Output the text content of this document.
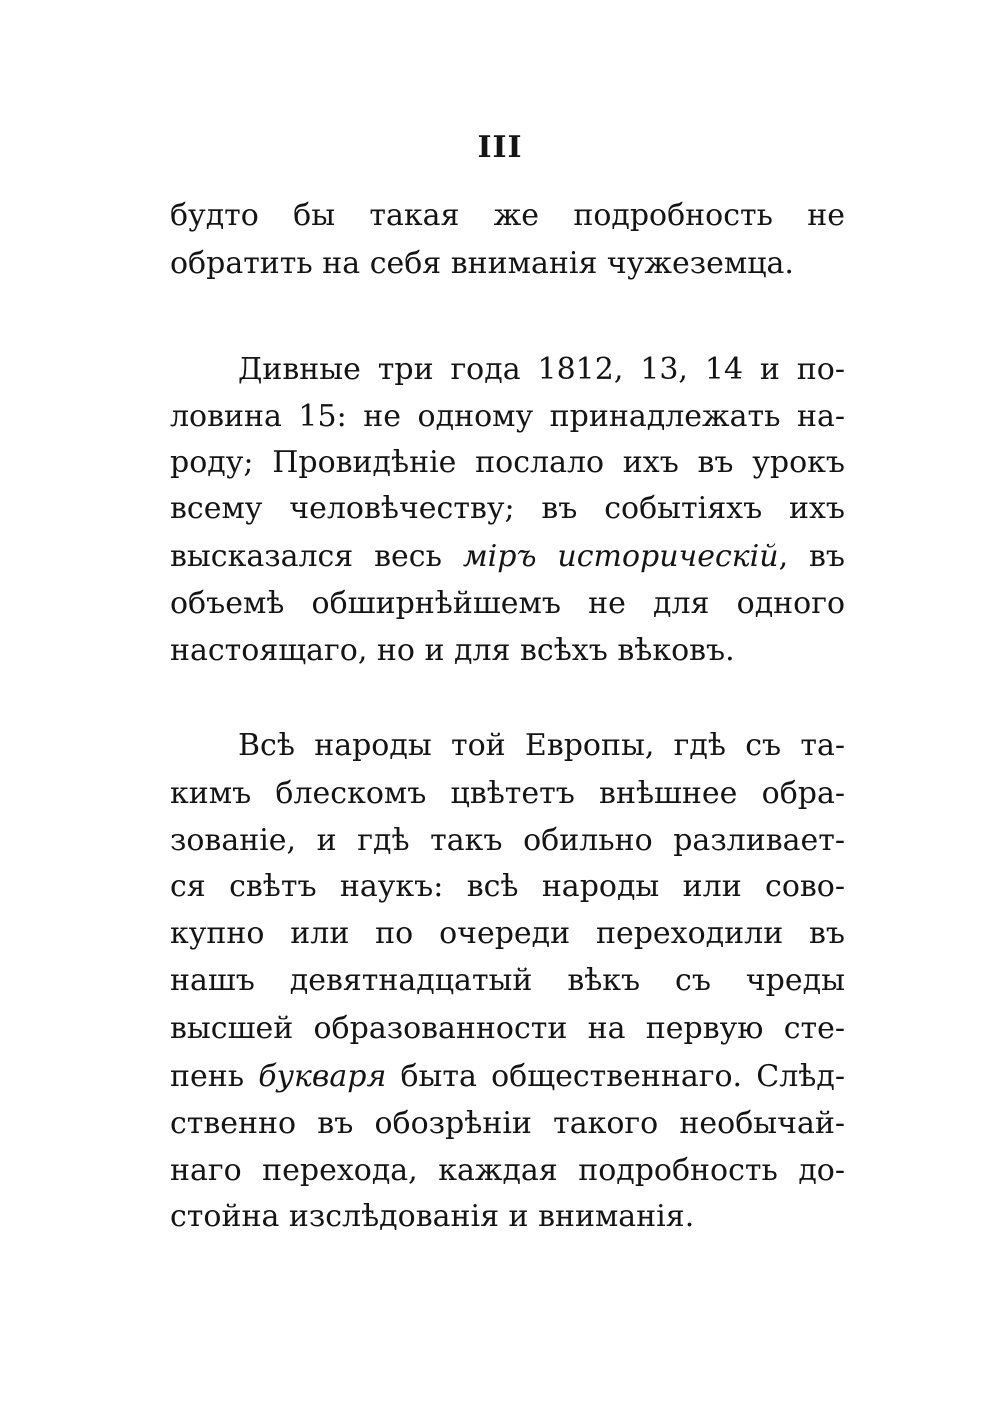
III
будто бы такая же подробность не
обратить на себя вниманія чужеземца.
Дивные три года 1812, 13, 14 и по-
ловина 15: не одному принадлежать на-
роду; Провидѣніе послало ихъ въ урокъ
всему человѣчеству; въ событіяхъ ихъ
высказался весь міръ историческій, въ
объемѣ обширнѣйшемъ не для одного
настоящаго, но и для всѣхъ вѣковъ.
Всѣ народы той Европы, гдѣ съ та-
кимъ блескомъ цвѣтетъ внѣшнее обра-
зованіе, и гдѣ такъ обильно разливает-
ся свѣтъ наукъ: всѣ народы или сово-
купно или по очереди переходили въ
нашъ девятнадцатый вѣкъ съ чреды
высшей образованности на первую сте-
пень букваря быта общественнаго. Слѣд-
ственно въ обозрѣніи такого необычай-
наго перехода, каждая подробность до-
стойна изслѣдованія и вниманія.
